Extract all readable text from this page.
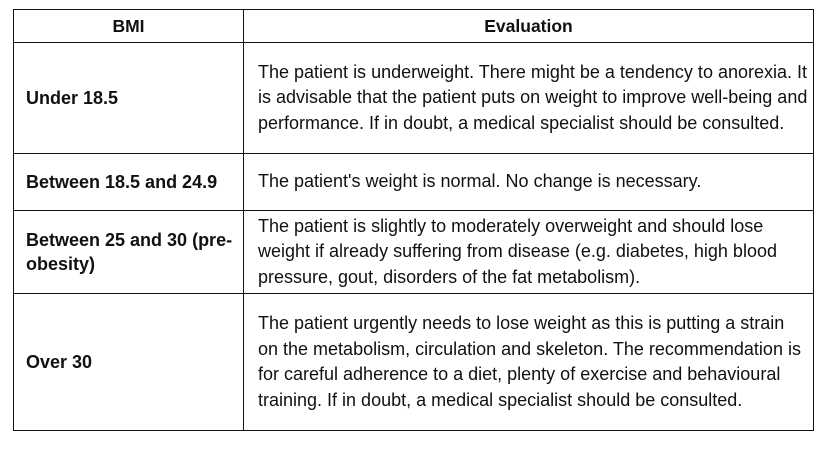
BMI	Evaluation
Under 18.5	The patient is underweight. There might be a tendency to anorexia. It is advisable that the patient puts on weight to improve well-being and performance. If in doubt, a medical specialist should be consulted.
Between 18.5 and 24.9	The patient's weight is normal. No change is necessary.
Between 25 and 30 (pre-obesity)	The patient is slightly to moderately overweight and should lose weight if already suffering from disease (e.g. diabetes, high blood pressure, gout, disorders of the fat metabolism).
Over 30	The patient urgently needs to lose weight as this is putting a strain on the metabolism, circulation and skeleton. The recommendation is for careful adherence to a diet, plenty of exercise and behavioural training. If in doubt, a medical specialist should be consulted.
